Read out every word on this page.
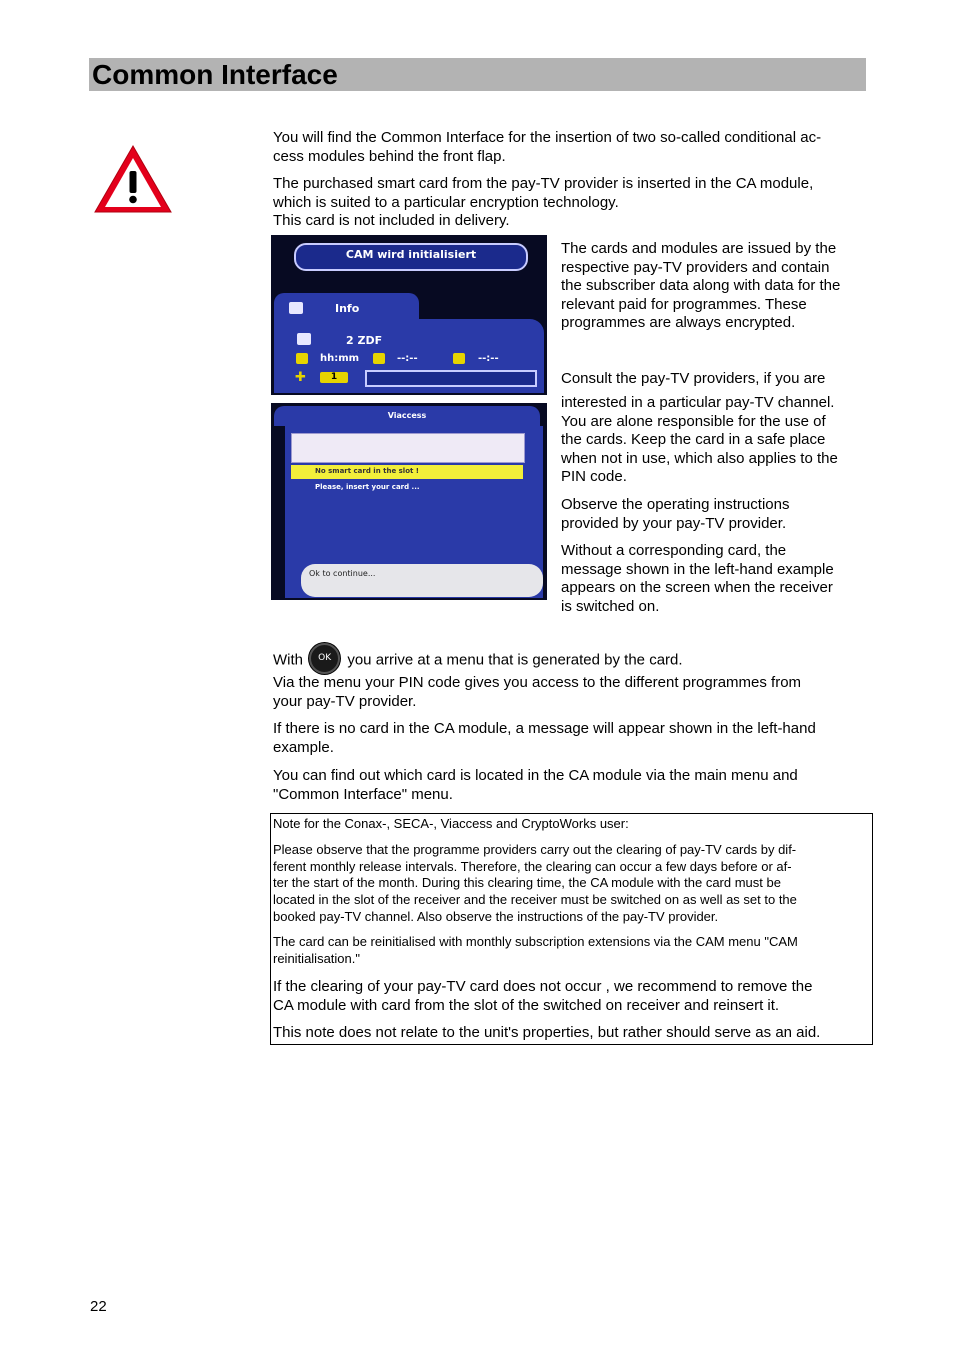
Common Interface

You will find the Common Interface for the insertion of two so-called conditional ac-
cess modules behind the front flap.

The purchased smart card from the pay-TV provider is inserted in the CA module,
which is suited to a particular encryption technology.
This card is not included in delivery.

CAM wird initialisiert
Info
2 ZDF
hh:mm	--:--	--:--
✚	1
Viaccess
No smart card in the slot !
Please, insert your card ...
Ok to continue...

The cards and modules are issued by the
respective pay-TV providers and contain
the subscriber data along with data for the
relevant paid for programmes. These
programmes are always encrypted.

Consult the pay-TV providers, if you are

interested in a particular pay-TV channel.
You are alone responsible for the use of
the cards. Keep the card in a safe place
when not in use, which also applies to the
PIN code.

Observe the operating instructions
provided by your pay-TV provider.

Without a corresponding card, the
message shown in the left-hand example
appears on the screen when the receiver
is switched on.

With	OK	you arrive at a menu that is generated by the card.

Via the menu your PIN code gives you access to the different programmes from
your pay-TV provider.

If there is no card in the CA module, a message will appear shown in the left-hand
example.

You can find out which card is located in the CA module via the main menu and
"Common Interface" menu.

Note for the Conax-, SECA-, Viaccess and CryptoWorks user:

Please observe that the programme providers carry out the clearing of pay-TV cards by dif-
ferent monthly release intervals. Therefore, the clearing can occur a few days before or af-
ter the start of the month. During this clearing time, the CA module with the card must be
located in the slot of the receiver and the receiver must be switched on as well as set to the
booked pay-TV channel. Also observe the instructions of the pay-TV provider.

The card can be reinitialised with monthly subscription extensions via the CAM menu "CAM
reinitialisation."

If the clearing of your pay-TV card does not occur , we recommend to remove the
CA module with card from the slot of the switched on receiver and reinsert it.

This note does not relate to the unit's properties, but rather should serve as an aid.

22
